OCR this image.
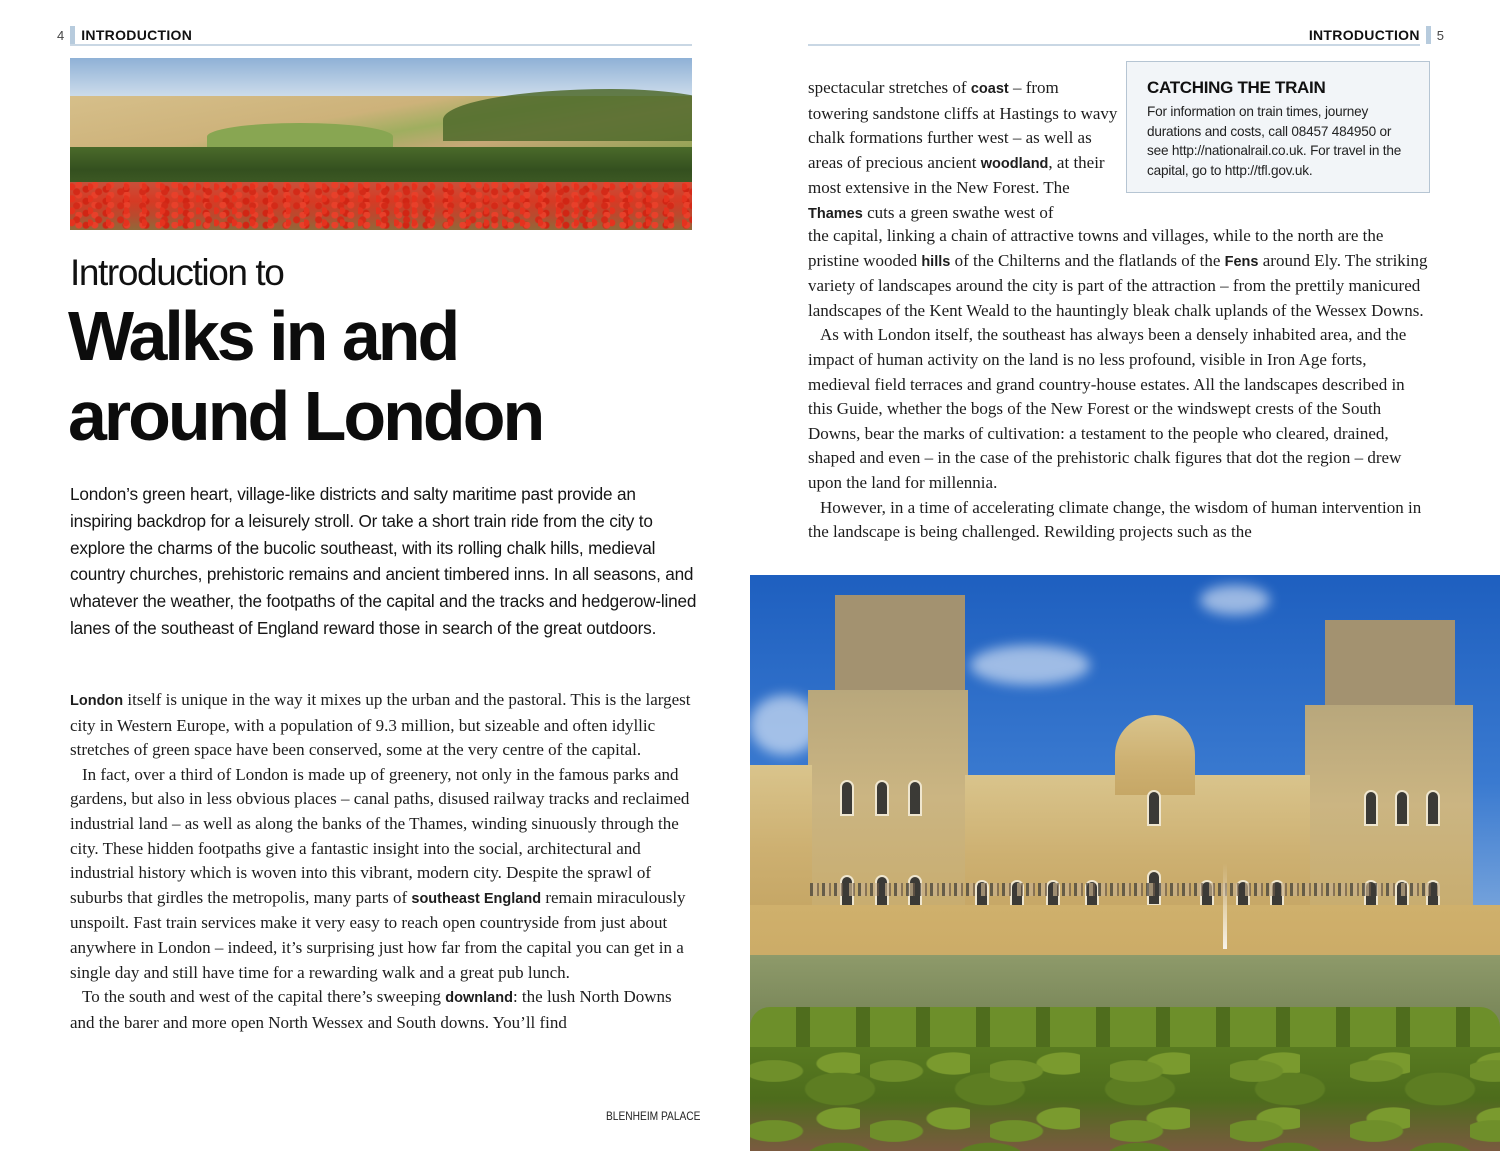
4 INTRODUCTION	INTRODUCTION 5
Introduction to
Walks in and
around London
London’s green heart, village-like districts and salty maritime past provide an inspiring backdrop for a leisurely stroll. Or take a short train ride from the city to explore the charms of the bucolic southeast, with its rolling chalk hills, medieval country churches, prehistoric remains and ancient timbered inns. In all seasons, and whatever the weather, the footpaths of the capital and the tracks and hedgerow-lined lanes of the southeast of England reward those in search of the great outdoors.

London itself is unique in the way it mixes up the urban and the pastoral. This is the largest city in Western Europe, with a population of 9.3 million, but sizeable and often idyllic stretches of green space have been conserved, some at the very centre of the capital.

In fact, over a third of London is made up of greenery, not only in the famous parks and gardens, but also in less obvious places – canal paths, disused railway tracks and reclaimed industrial land – as well as along the banks of the Thames, winding sinuously through the city. These hidden footpaths give a fantastic insight into the social, architectural and industrial history which is woven into this vibrant, modern city. Despite the sprawl of suburbs that girdles the metropolis, many parts of southeast England remain miraculously unspoilt. Fast train services make it very easy to reach open countryside from just about anywhere in London – indeed, it’s surprising just how far from the capital you can get in a single day and still have time for a rewarding walk and a great pub lunch.

To the south and west of the capital there’s sweeping downland: the lush North Downs and the barer and more open North Wessex and South downs. You’ll find

BLENHEIM PALACE

spectacular stretches of coast – from towering sandstone cliffs at Hastings to wavy chalk formations further west – as well as areas of precious ancient woodland, at their most extensive in the New Forest. The Thames cuts a green swathe west of

CATCHING THE TRAIN
For information on train times, journey durations and costs, call 08457 484950 or see http://nationalrail.co.uk. For travel in the capital, go to http://tfl.gov.uk.

the capital, linking a chain of attractive towns and villages, while to the north are the pristine wooded hills of the Chilterns and the flatlands of the Fens around Ely. The striking variety of landscapes around the city is part of the attraction – from the prettily manicured landscapes of the Kent Weald to the hauntingly bleak chalk uplands of the Wessex Downs.

As with London itself, the southeast has always been a densely inhabited area, and the impact of human activity on the land is no less profound, visible in Iron Age forts, medieval field terraces and grand country-house estates. All the landscapes described in this Guide, whether the bogs of the New Forest or the windswept crests of the South Downs, bear the marks of cultivation: a testament to the people who cleared, drained, shaped and even – in the case of the prehistoric chalk figures that dot the region – drew upon the land for millennia.

However, in a time of accelerating climate change, the wisdom of human intervention in the landscape is being challenged. Rewilding projects such as the
